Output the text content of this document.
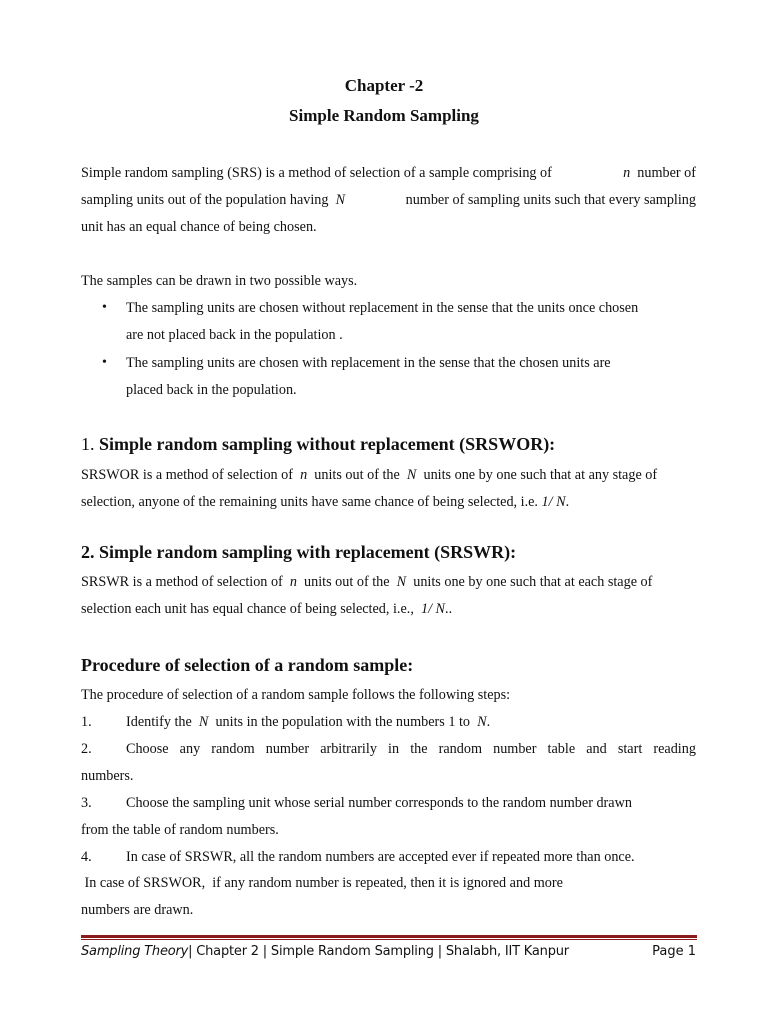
Chapter -2
Simple Random Sampling
Simple random sampling (SRS) is a method of selection of a sample comprising of	n number of
sampling units out of the population having N	number of sampling units such that every sampling
unit has an equal chance of being chosen.
The samples can be drawn in two possible ways.
• The sampling units are chosen without replacement in the sense that the units once chosen
are not placed back in the population .
• The sampling units are chosen with replacement in the sense that the chosen units are
placed back in the population.
1. Simple random sampling without replacement (SRSWOR):
SRSWOR is a method of selection of n units out of the N units one by one such that at any stage of
selection, anyone of the remaining units have same chance of being selected, i.e. 1/ N.
2. Simple random sampling with replacement (SRSWR):
SRSWR is a method of selection of n units out of the N units one by one such that at each stage of
selection each unit has equal chance of being selected, i.e., 1/ N..
Procedure of selection of a random sample:
The procedure of selection of a random sample follows the following steps:
1. Identify the N units in the population with the numbers 1 to N.
2. Choose any random number arbitrarily in the random number table and start reading
numbers.
3. Choose the sampling unit whose serial number corresponds to the random number drawn
from the table of random numbers.
4. In case of SRSWR, all the random numbers are accepted ever if repeated more than once.
In case of SRSWOR,  if any random number is repeated, then it is ignored and more
numbers are drawn.
Sampling Theory| Chapter 2 | Simple Random Sampling | Shalabh, IIT Kanpur	Page 1
